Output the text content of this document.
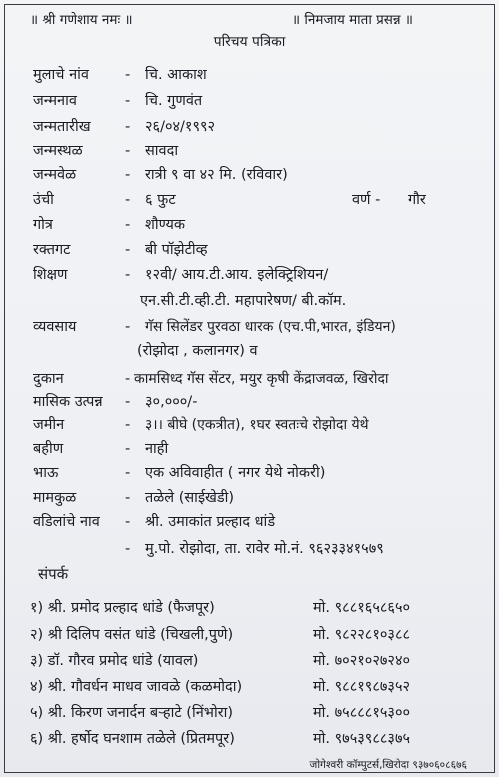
॥ श्री गणेशाय नमः ॥	॥ निमजाय माता प्रसन्न ॥
परिचय पत्रिका
मुलाचे नांव - चि. आकाश
जन्मनाव	- चि. गुणवंत
जन्मतारीख - २६/०४/१९९२
जन्मस्थळ	- सावदा
जन्मवेळ	- रात्री ९ वा ४२ मि. (रविवार)
उंची	- ६ फुट	वर्ण - गौर
गोत्र	- शौण्यक
रक्तगट	- बी पॉझेटीव्ह
शिक्षण	- १२वी/ आय.टी.आय. इलेक्ट्रिशियन/
एन.सी.टी.व्ही.टी. महापारेषण/ बी.कॉम.
व्यवसाय	- गॅस सिलेंडर पुरवठा धारक (एच.पी,भारत, इंडियन)
(रोझोदा , कलानगर) व
दुकान	- कामसिध्द गॅस सेंटर, मयुर कृषी केंद्राजवळ, खिरोदा
मासिक उत्पन्न - ३०,०००/-
जमीन	- ३।। बीघे (एकत्रीत), १घर स्वतःचे रोझोदा येथे
बहीण	- नाही
भाऊ	- एक अविवाहीत ( नगर येथे नोकरी)
मामकुळ	- तळेले (साईखेडी)
वडिलांचे नाव - श्री. उमाकांत प्रल्हाद धांडे
- मु.पो. रोझोदा, ता. रावेर मो.नं. ९६२३३४१५७९
संपर्क
१) श्री. प्रमोद प्रल्हाद धांडे (फैजपूर)	मो. ९८८१६५८६५०
२) श्री दिलिप वसंत धांडे (चिखली,पुणे)	मो. ९८२२८१०३८८
३) डॉ. गौरव प्रमोद धांडे (यावल)	मो. ७०२१०२७२४०
४) श्री. गौवर्धन माधव जावळे (कळमोदा)	मो. ९८८१९८७३५२
५) श्री. किरण जनार्दन बऱ्हाटे (निंभोरा)	मो. ७५८८८१५३००
६) श्री. हर्षोद घनशाम तळेले (प्रितमपूर)	मो. ९७५३९८८३७५
जोगेश्वरी कॉम्पुटर्स,खिरोदा ९३७०६०८६७६
